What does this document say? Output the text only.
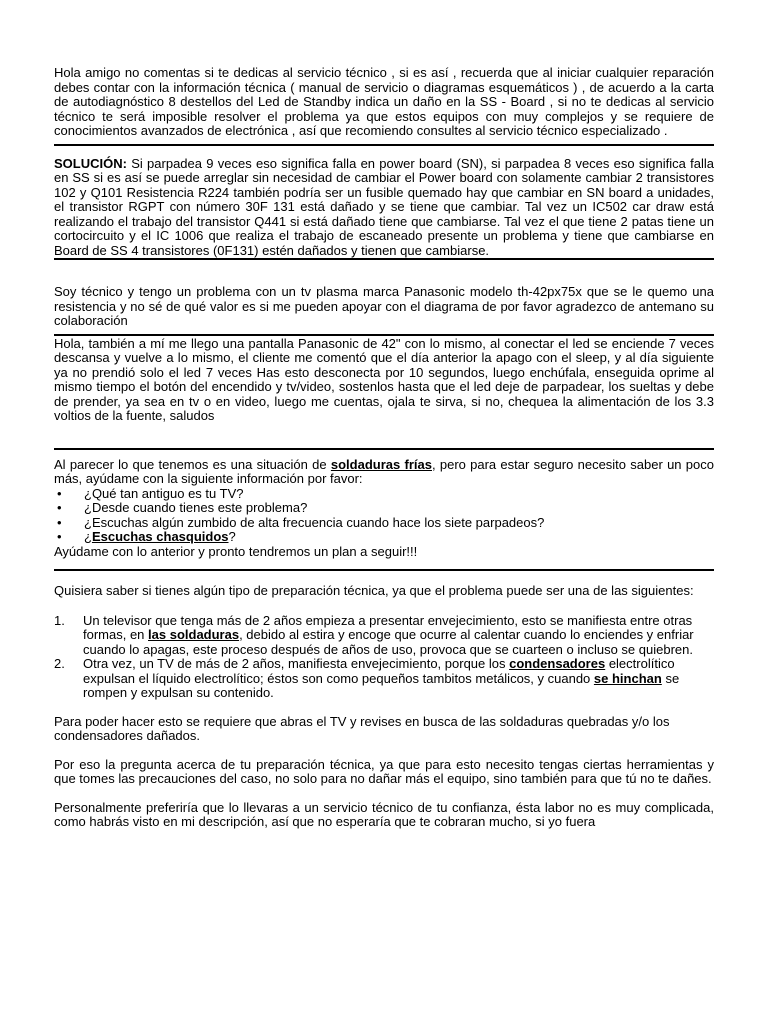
Hola amigo no comentas si te dedicas al servicio técnico , si es así , recuerda que al iniciar cualquier reparación debes contar con la información técnica ( manual de servicio o diagramas esquemáticos ) , de acuerdo a la carta de autodiagnóstico 8 destellos del Led de Standby indica un daño en la SS - Board , si no te dedicas al servicio técnico te será imposible resolver el problema ya que estos equipos con muy complejos y se requiere de conocimientos avanzados de electrónica , así que recomiendo consultes al servicio técnico especializado .

SOLUCIÓN: Si parpadea 9 veces eso significa falla en power board (SN), si parpadea 8 veces eso significa falla en SS si es así se puede arreglar sin necesidad de cambiar el Power board con solamente cambiar 2 transistores 102 y Q101 Resistencia R224 también podría ser un fusible quemado hay que cambiar en SN board a unidades, el transistor RGPT con número 30F 131 está dañado y se tiene que cambiar. Tal vez un IC502 car draw está realizando el trabajo del transistor Q441 si está dañado tiene que cambiarse. Tal vez el que tiene 2 patas tiene un cortocircuito y el IC 1006 que realiza el trabajo de escaneado presente un problema y tiene que cambiarse en Board de SS 4 transistores (0F131) estén dañados y tienen que cambiarse.

Soy técnico y tengo un problema con un tv plasma marca Panasonic modelo th-42px75x que se le quemo una resistencia y no sé de qué valor es si me pueden apoyar con el diagrama de por favor agradezco de antemano su colaboración

Hola, también a mí me llego una pantalla Panasonic de 42" con lo mismo, al conectar el led se enciende 7 veces descansa y vuelve a lo mismo, el cliente me comentó que el día anterior la apago con el sleep, y al día siguiente ya no prendió solo el led 7 veces Has esto desconecta por 10 segundos, luego enchúfala, enseguida oprime al mismo tiempo el botón del encendido y tv/video, sostenlos hasta que el led deje de parpadear, los sueltas y debe de prender, ya sea en tv o en video, luego me cuentas, ojala te sirva, si no, chequea la alimentación de los 3.3 voltios de la fuente, saludos

Al parecer lo que tenemos es una situación de soldaduras frías, pero para estar seguro necesito saber un poco más, ayúdame con la siguiente información por favor:

• ¿Qué tan antiguo es tu TV?
• ¿Desde cuando tienes este problema?
• ¿Escuchas algún zumbido de alta frecuencia cuando hace los siete parpadeos?
• ¿Escuchas chasquidos?

Ayúdame con lo anterior y pronto tendremos un plan a seguir!!!

Quisiera saber si tienes algún tipo de preparación técnica, ya que el problema puede ser una de las siguientes:

1. Un televisor que tenga más de 2 años empieza a presentar envejecimiento, esto se manifiesta entre otras formas, en las soldaduras, debido al estira y encoge que ocurre al calentar cuando lo enciendes y enfriar cuando lo apagas, este proceso después de años de uso, provoca que se cuarteen o incluso se quiebren.
2. Otra vez, un TV de más de 2 años, manifiesta envejecimiento, porque los condensadores electrolítico expulsan el líquido electrolítico; éstos son como pequeños tambitos metálicos, y cuando se hinchan se rompen y expulsan su contenido.

Para poder hacer esto se requiere que abras el TV y revises en busca de las soldaduras quebradas y/o los condensadores dañados.

Por eso la pregunta acerca de tu preparación técnica, ya que para esto necesito tengas ciertas herramientas y que tomes las precauciones del caso, no solo para no dañar más el equipo, sino también para que tú no te dañes.

Personalmente preferiría que lo llevaras a un servicio técnico de tu confianza, ésta labor no es muy complicada, como habrás visto en mi descripción, así que no esperaría que te cobraran mucho, si yo fuera
